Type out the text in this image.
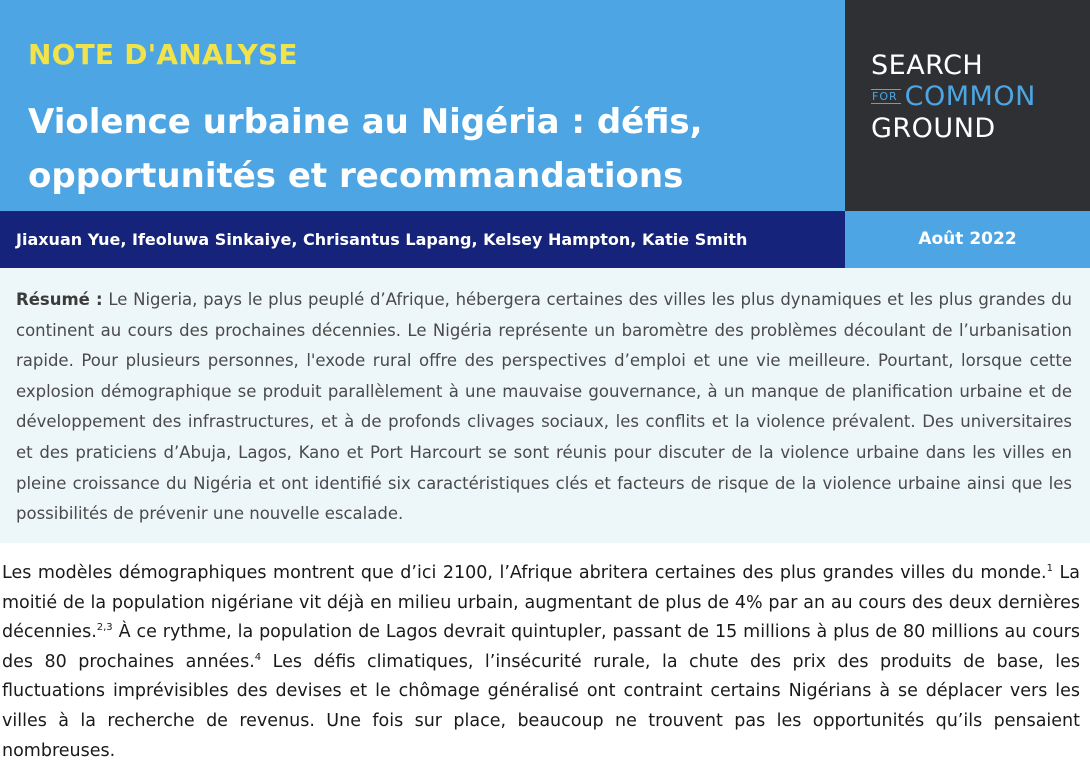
NOTE D'ANALYSE

Violence urbaine au Nigéria : défis, opportunités et recommandations
SEARCH
FOR COMMON
GROUND
Jiaxuan Yue, Ifeoluwa Sinkaiye, Chrisantus Lapang, Kelsey Hampton, Katie Smith	Août 2022

Résumé : Le Nigeria, pays le plus peuplé d’Afrique, hébergera certaines des villes les plus dynamiques et les plus grandes du continent au cours des prochaines décennies. Le Nigéria représente un baromètre des problèmes découlant de l’urbanisation rapide. Pour plusieurs personnes, l'exode rural offre des perspectives d’emploi et une vie meilleure. Pourtant, lorsque cette explosion démographique se produit parallèlement à une mauvaise gouvernance, à un manque de planification urbaine et de développement des infrastructures, et à de profonds clivages sociaux, les conflits et la violence prévalent. Des universitaires et des praticiens d’Abuja, Lagos, Kano et Port Harcourt se sont réunis pour discuter de la violence urbaine dans les villes en pleine croissance du Nigéria et ont identifié six caractéristiques clés et facteurs de risque de la violence urbaine ainsi que les possibilités de prévenir une nouvelle escalade.

Les modèles démographiques montrent que d’ici 2100, l’Afrique abritera certaines des plus grandes villes du monde.$^1$ La moitié de la population nigériane vit déjà en milieu urbain, augmentant de plus de 4% par an au cours des deux dernières décennies.$^{2,3}$ À ce rythme, la population de Lagos devrait quintupler, passant de 15 millions à plus de 80 millions au cours des 80 prochaines années.$^4$ Les défis climatiques, l’insécurité rurale, la chute des prix des produits de base, les fluctuations imprévisibles des devises et le chômage généralisé ont contraint certains Nigérians à se déplacer vers les villes à la recherche de revenus. Une fois sur place, beaucoup ne trouvent pas les opportunités qu’ils pensaient nombreuses.
